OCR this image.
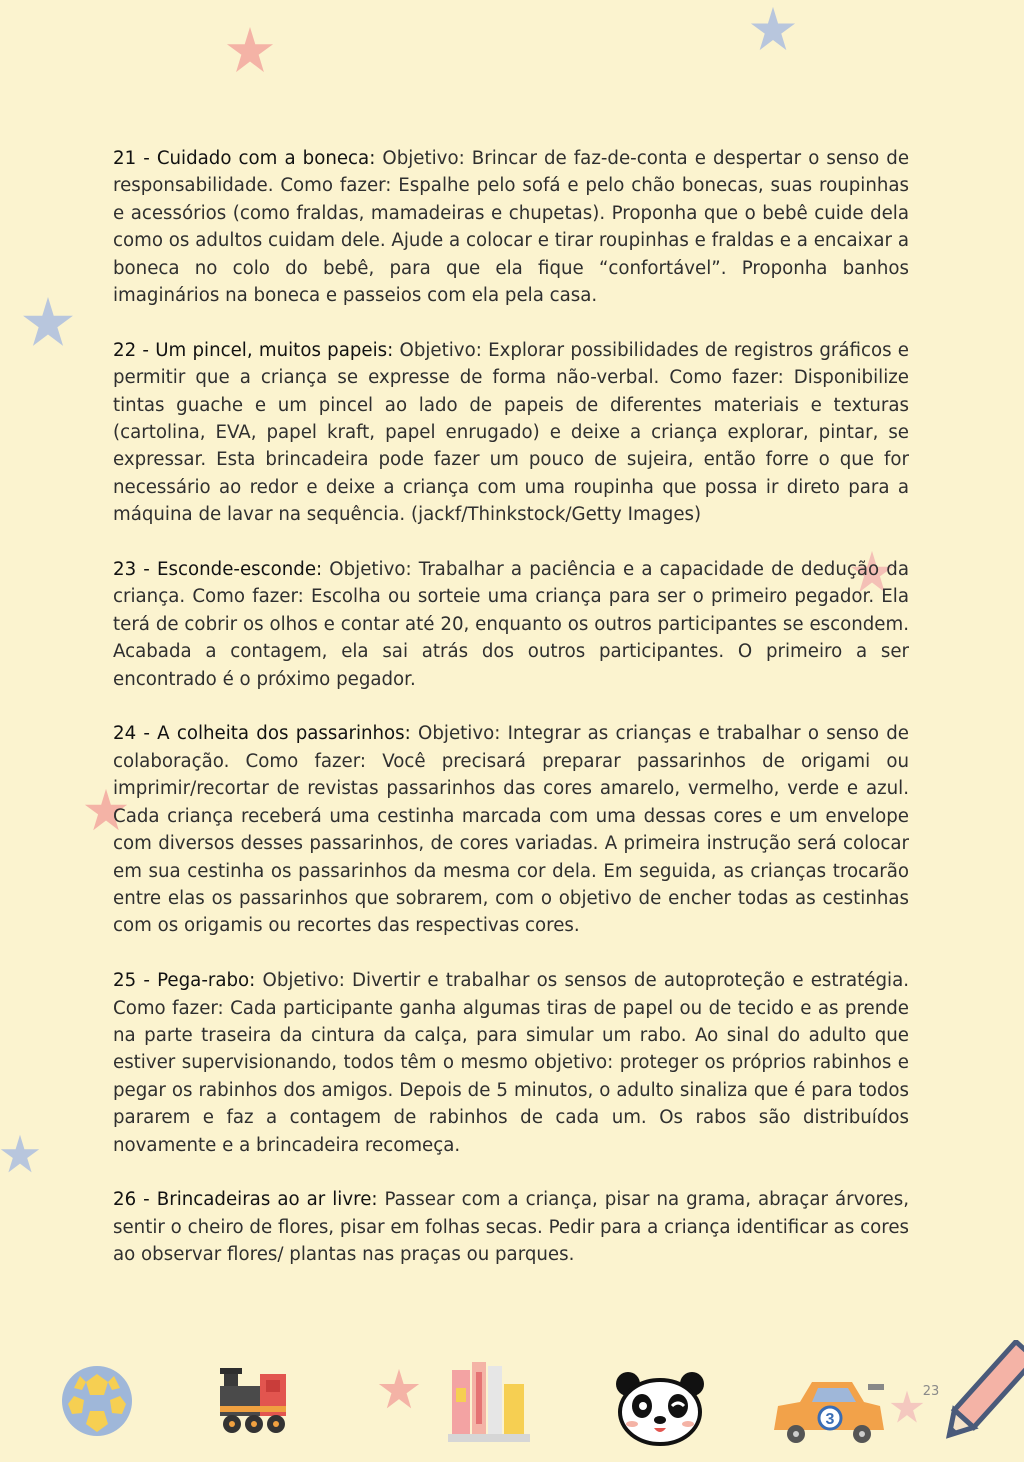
21 - Cuidado com a boneca: Objetivo: Brincar de faz-de-conta e despertar o senso de responsabilidade. Como fazer: Espalhe pelo sofá e pelo chão bonecas, suas roupinhas e acessórios (como fraldas, mamadeiras e chupetas). Proponha que o bebê cuide dela como os adultos cuidam dele. Ajude a colocar e tirar roupinhas e fraldas e a encaixar a boneca no colo do bebê, para que ela fique “confortável”. Proponha banhos imaginários na boneca e passeios com ela pela casa.

22 - Um pincel, muitos papeis: Objetivo: Explorar possibilidades de registros gráficos e permitir que a criança se expresse de forma não-verbal. Como fazer: Disponibilize tintas guache e um pincel ao lado de papeis de diferentes materiais e texturas (cartolina, EVA, papel kraft, papel enrugado) e deixe a criança explorar, pintar, se expressar. Esta brincadeira pode fazer um pouco de sujeira, então forre o que for necessário ao redor e deixe a criança com uma roupinha que possa ir direto para a máquina de lavar na sequência. (jackf/Thinkstock/Getty Images)

23 - Esconde-esconde: Objetivo: Trabalhar a paciência e a capacidade de dedução da criança. Como fazer: Escolha ou sorteie uma criança para ser o primeiro pegador. Ela terá de cobrir os olhos e contar até 20, enquanto os outros participantes se escondem. Acabada a contagem, ela sai atrás dos outros participantes. O primeiro a ser encontrado é o próximo pegador.

24 - A colheita dos passarinhos: Objetivo: Integrar as crianças e trabalhar o senso de colaboração. Como fazer: Você precisará preparar passarinhos de origami ou imprimir/recortar de revistas passarinhos das cores amarelo, vermelho, verde e azul. Cada criança receberá uma cestinha marcada com uma dessas cores e um envelope com diversos desses passarinhos, de cores variadas. A primeira instrução será colocar em sua cestinha os passarinhos da mesma cor dela. Em seguida, as crianças trocarão entre elas os passarinhos que sobrarem, com o objetivo de encher todas as cestinhas com os origamis ou recortes das respectivas cores.

25 - Pega-rabo: Objetivo: Divertir e trabalhar os sensos de autoproteção e estratégia. Como fazer: Cada participante ganha algumas tiras de papel ou de tecido e as prende na parte traseira da cintura da calça, para simular um rabo. Ao sinal do adulto que estiver supervisionando, todos têm o mesmo objetivo: proteger os próprios rabinhos e pegar os rabinhos dos amigos. Depois de 5 minutos, o adulto sinaliza que é para todos pararem e faz a contagem de rabinhos de cada um. Os rabos são distribuídos novamente e a brincadeira recomeça.

26 - Brincadeiras ao ar livre: Passear com a criança, pisar na grama, abraçar árvores, sentir o cheiro de flores, pisar em folhas secas. Pedir para a criança identificar as cores ao observar flores/ plantas nas praças ou parques.

3
23
